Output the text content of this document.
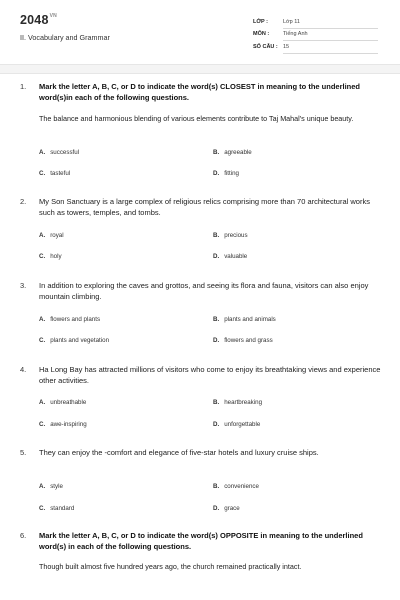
$2048^{VN}$
II. Vocabulary and Grammar
LỚP :	Lớp 11
MÔN :	Tiếng Anh
SỐ CÂU : 15
1.	Mark the letter A, B, C, or D to indicate the word(s) CLOSEST in meaning to the underlined word(s)in each of the following questions.
The balance and harmonious blending of various elements contribute to Taj Mahal's unique beauty.
A. successful	B. agreeable
C. tasteful	D. fitting
2.	My Son Sanctuary is a large complex of religious relics comprising more than 70 architectural works such as towers, temples, and tombs.
A. royal	B. precious
C. holy	D. valuable
3.	In addition to exploring the caves and grottos, and seeing its flora and fauna, visitors can also enjoy mountain climbing.
A. flowers and plants	B. plants and animals
C. plants and vegetation	D. flowers and grass
4.	Ha Long Bay has attracted millions of visitors who come to enjoy its breathtaking views and experience other activities.
A. unbreathable	B. heartbreaking
C. awe-inspiring	D. unforgettable
5.	They can enjoy the -comfort and elegance of five-star hotels and luxury cruise ships.
A. style	B. convenience
C. standard	D. grace
6.	Mark the letter A, B, C, or D to indicate the word(s) OPPOSITE in meaning to the underlined word(s) in each of the following questions.
Though built almost five hundred years ago, the church remained practically intact.
